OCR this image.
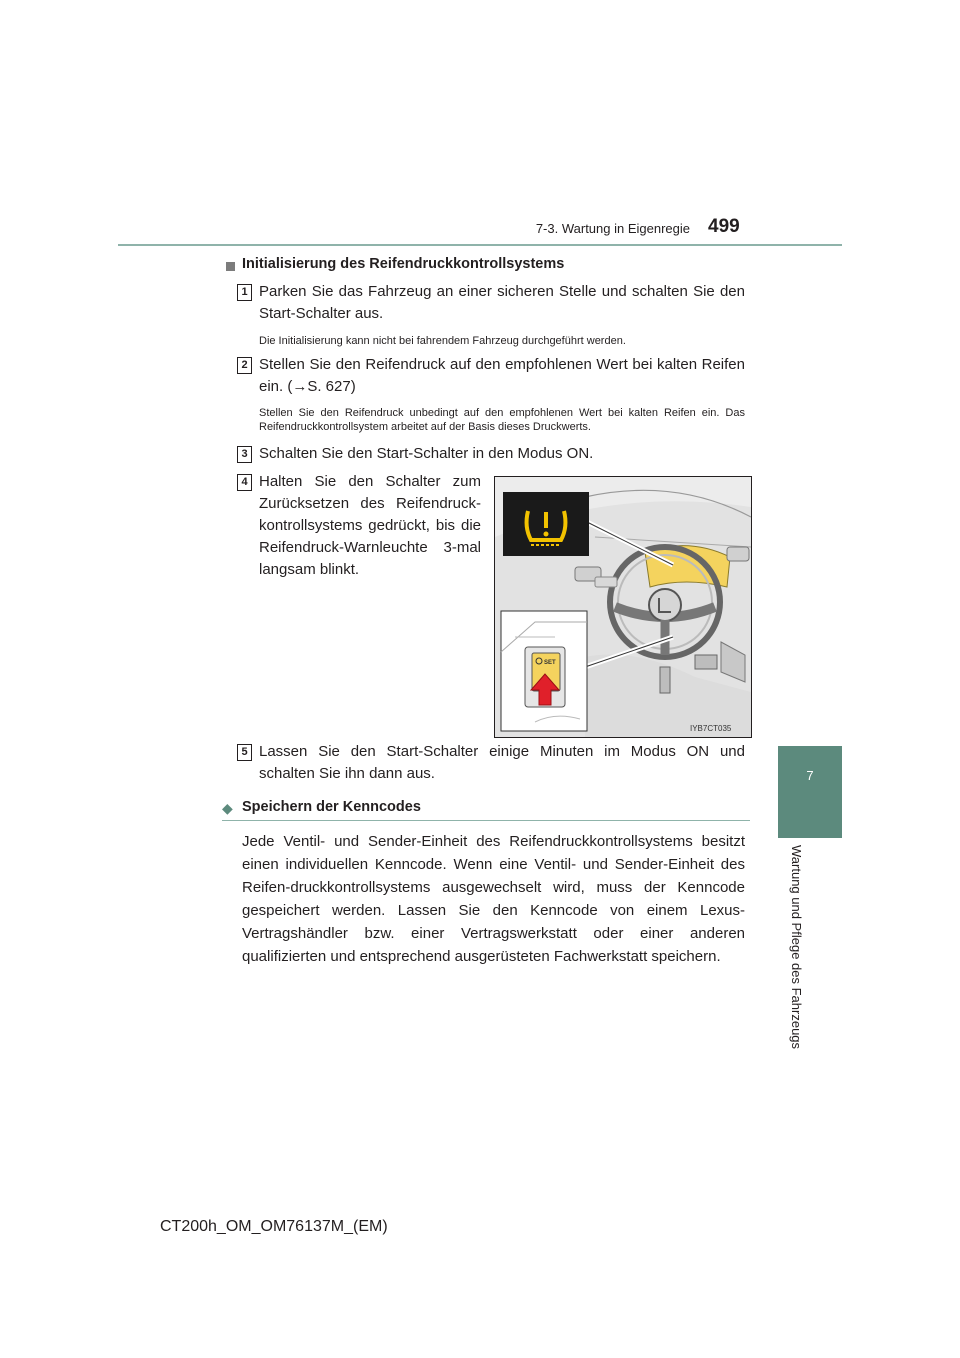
7-3. Wartung in Eigenregie 499
7
Wartung und Pflege des Fahrzeugs
Initialisierung des Reifendruckkontrollsystems
1 Parken Sie das Fahrzeug an einer sicheren Stelle und schalten Sie den Start-Schalter aus.
Die Initialisierung kann nicht bei fahrendem Fahrzeug durchgeführt werden.
2 Stellen Sie den Reifendruck auf den empfohlenen Wert bei kalten Reifen ein. (→S. 627)
Stellen Sie den Reifendruck unbedingt auf den empfohlenen Wert bei kalten Reifen ein. Das Reifendruckkontrollsystem arbeitet auf der Basis dieses Druckwerts.
3 Schalten Sie den Start-Schalter in den Modus ON.
4 Halten Sie den Schalter zum Zurücksetzen des Reifendruck-kontrollsystems gedrückt, bis die Reifendruck-Warnleuchte 3-mal langsam blinkt.
SET
IYB7CT035
5 Lassen Sie den Start-Schalter einige Minuten im Modus ON und schalten Sie ihn dann aus.
◆ Speichern der Kenncodes
Jede Ventil- und Sender-Einheit des Reifendruckkontrollsystems besitzt einen individuellen Kenncode. Wenn eine Ventil- und Sender-Einheit des Reifen-druckkontrollsystems ausgewechselt wird, muss der Kenncode gespeichert werden. Lassen Sie den Kenncode von einem Lexus-Vertragshändler bzw. einer Vertragswerkstatt oder einer anderen qualifizierten und entsprechend ausgerüsteten Fachwerkstatt speichern.
CT200h_OM_OM76137M_(EM)
